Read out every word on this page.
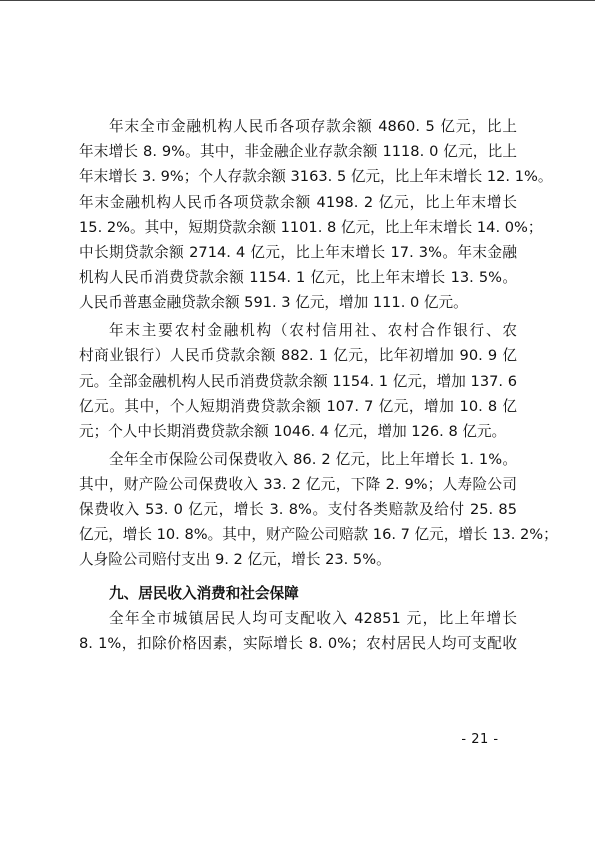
年末全市金融机构人民币各项存款余额 4860. 5 亿元，比上
年末增长 8. 9%。其中，非金融企业存款余额 1118. 0 亿元，比上
年末增长 3. 9%；个人存款余额 3163. 5 亿元，比上年末增长 12. 1%。
年末金融机构人民币各项贷款余额 4198. 2 亿元，比上年末增长
15. 2%。其中，短期贷款余额 1101. 8 亿元，比上年末增长 14. 0%；
中长期贷款余额 2714. 4 亿元，比上年末增长 17. 3%。年末金融
机构人民币消费贷款余额 1154. 1 亿元，比上年末增长 13. 5%。
人民币普惠金融贷款余额 591. 3 亿元，增加 111. 0 亿元。
年末主要农村金融机构（农村信用社、农村合作银行、农
村商业银行）人民币贷款余额 882. 1 亿元，比年初增加 90. 9 亿
元。全部金融机构人民币消费贷款余额 1154. 1 亿元，增加 137. 6
亿元。其中，个人短期消费贷款余额 107. 7 亿元，增加 10. 8 亿
元；个人中长期消费贷款余额 1046. 4 亿元，增加 126. 8 亿元。
全年全市保险公司保费收入 86. 2 亿元，比上年增长 1. 1%。
其中，财产险公司保费收入 33. 2 亿元，下降 2. 9%；人寿险公司
保费收入 53. 0 亿元，增长 3. 8%。支付各类赔款及给付 25. 85
亿元，增长 10. 8%。其中，财产险公司赔款 16. 7 亿元，增长 13. 2%；
人身险公司赔付支出 9. 2 亿元，增长 23. 5%。
九、居民收入消费和社会保障
全年全市城镇居民人均可支配收入 42851 元，比上年增长
8. 1%，扣除价格因素，实际增长 8. 0%；农村居民人均可支配收
- 21 -
